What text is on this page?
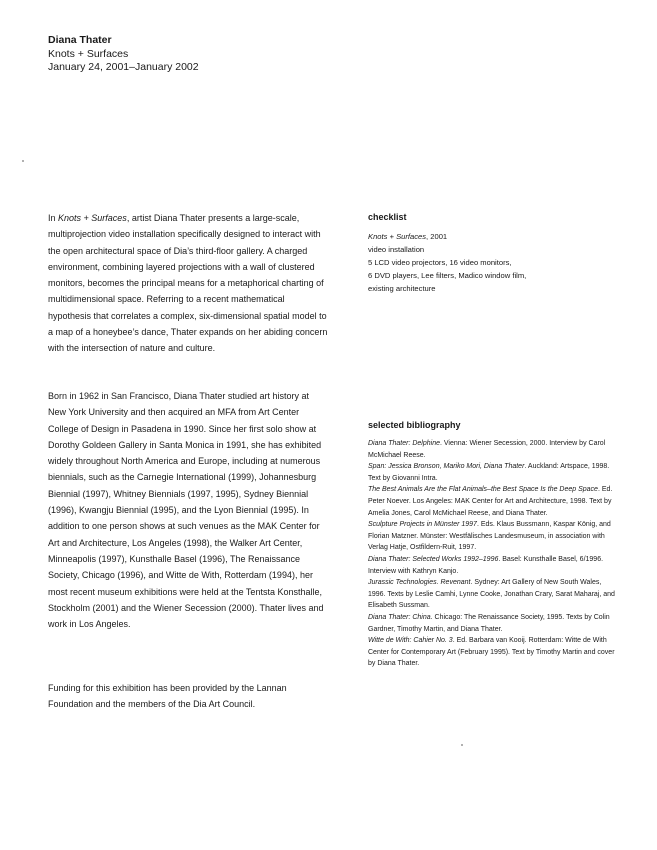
Diana Thater
Knots + Surfaces
January 24, 2001–January 2002

In Knots + Surfaces, artist Diana Thater presents a large-scale, multiprojection video installation specifically designed to interact with the open architectural space of Dia’s third-floor gallery. A charged environment, combining layered projections with a wall of clustered monitors, becomes the principal means for a metaphorical charting of multidimensional space. Referring to a recent mathematical hypothesis that correlates a complex, six-dimensional spatial model to a map of a honeybee’s dance, Thater expands on her abiding concern with the intersection of nature and culture.

Born in 1962 in San Francisco, Diana Thater studied art history at New York University and then acquired an MFA from Art Center College of Design in Pasadena in 1990. Since her first solo show at Dorothy Goldeen Gallery in Santa Monica in 1991, she has exhibited widely throughout North America and Europe, including at numerous biennials, such as the Carnegie International (1999), Johannesburg Biennial (1997), Whitney Biennials (1997, 1995), Sydney Biennial (1996), Kwangju Biennial (1995), and the Lyon Biennial (1995). In addition to one person shows at such venues as the MAK Center for Art and Architecture, Los Angeles (1998), the Walker Art Center, Minneapolis (1997), Kunsthalle Basel (1996), The Renaissance Society, Chicago (1996), and Witte de With, Rotterdam (1994), her most recent museum exhibitions were held at the Tentsta Konsthalle, Stockholm (2001) and the Wiener Secession (2000). Thater lives and work in Los Angeles.

Funding for this exhibition has been provided by the Lannan Foundation and the members of the Dia Art Council.

checklist
Knots + Surfaces, 2001
video installation
5 LCD video projectors, 16 video monitors,
6 DVD players, Lee filters, Madico window film,
existing architecture
selected bibliography

Diana Thater: Delphine. Vienna: Wiener Secession, 2000. Interview by Carol McMichael Reese.

Span: Jessica Bronson, Mariko Mori, Diana Thater. Auckland: Artspace, 1998. Text by Giovanni Intra.

The Best Animals Are the Flat Animals–the Best Space Is the Deep Space. Ed. Peter Noever. Los Angeles: MAK Center for Art and Architecture, 1998. Text by Amelia Jones, Carol McMichael Reese, and Diana Thater.

Sculpture Projects in Münster 1997. Eds. Klaus Bussmann, Kaspar König, and Florian Matzner. Münster: Westfälisches Landesmuseum, in association with Verlag Hatje, Ostfildern-Ruit, 1997.

Diana Thater: Selected Works 1992–1996. Basel: Kunsthalle Basel, 6/1996. Interview with Kathryn Kanjo.

Jurassic Technologies. Revenant. Sydney: Art Gallery of New South Wales, 1996. Texts by Leslie Camhi, Lynne Cooke, Jonathan Crary, Sarat Maharaj, and Elisabeth Sussman.

Diana Thater: China. Chicago: The Renaissance Society, 1995. Texts by Colin Gardner, Timothy Martin, and Diana Thater.

Witte de With: Cahier No. 3. Ed. Barbara van Kooij. Rotterdam: Witte de With Center for Contemporary Art (February 1995). Text by Timothy Martin and cover by Diana Thater.
